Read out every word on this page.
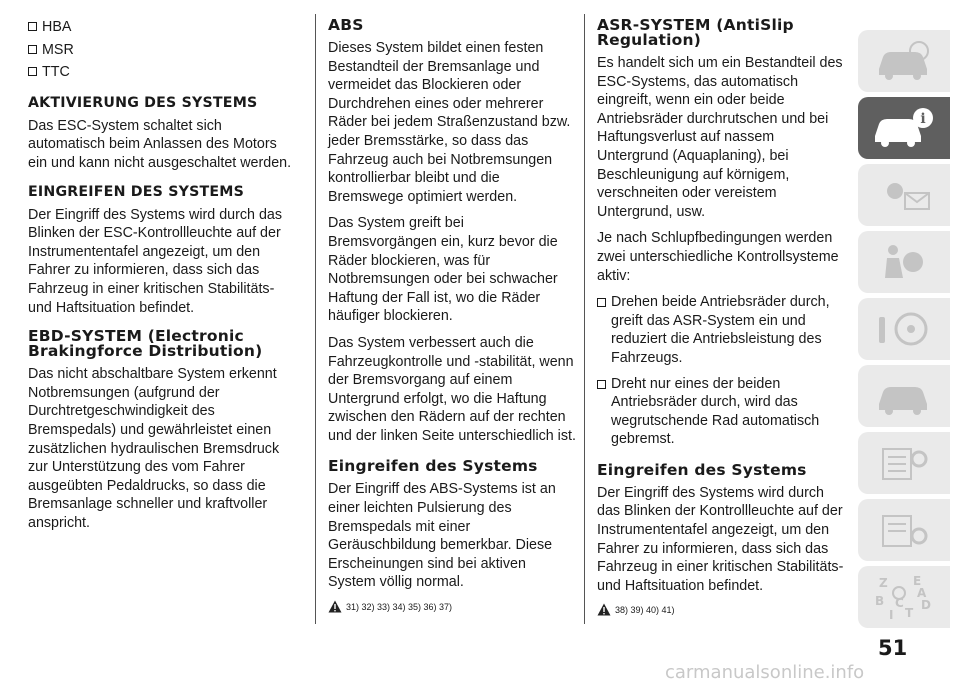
HBA
MSR
TTC
AKTIVIERUNG DES SYSTEMS

Das ESC-System schaltet sich automatisch beim Anlassen des Motors ein und kann nicht ausgeschaltet werden.

EINGREIFEN DES SYSTEMS

Der Eingriff des Systems wird durch das Blinken der ESC-Kontrollleuchte auf der Instrumententafel angezeigt, um den Fahrer zu informieren, dass sich das Fahrzeug in einer kritischen Stabilitäts- und Haftsituation befindet.

EBD-SYSTEM (Electronic Brakingforce Distribution)

Das nicht abschaltbare System erkennt Notbremsungen (aufgrund der Durchtretgeschwindigkeit des Bremspedals) und gewährleistet einen zusätzlichen hydraulischen Bremsdruck zur Unterstützung des vom Fahrer ausgeübten Pedaldrucks, so dass die Bremsanlage schneller und kraftvoller anspricht.

ABS

Dieses System bildet einen festen Bestandteil der Bremsanlage und vermeidet das Blockieren oder Durchdrehen eines oder mehrerer Räder bei jedem Straßenzustand bzw. jeder Bremsstärke, so dass das Fahrzeug auch bei Notbremsungen kontrollierbar bleibt und die Bremswege optimiert werden.

Das System greift bei Bremsvorgängen ein, kurz bevor die Räder blockieren, was für Notbremsungen oder bei schwacher Haftung der Fall ist, wo die Räder häufiger blockieren.

Das System verbessert auch die Fahrzeugkontrolle und -stabilität, wenn der Bremsvorgang auf einem Untergrund erfolgt, wo die Haftung zwischen den Rädern auf der rechten und der linken Seite unterschiedlich ist.

Eingreifen des Systems

Der Eingriff des ABS-Systems ist an einer leichten Pulsierung des Bremspedals mit einer Geräuschbildung bemerkbar. Diese Erscheinungen sind bei aktiven System völlig normal.

31) 32) 33) 34) 35) 36) 37)
ASR-SYSTEM (AntiSlip Regulation)

Es handelt sich um ein Bestandteil des ESC-Systems, das automatisch eingreift, wenn ein oder beide Antriebsräder durchrutschen und bei Haftungsverlust auf nassem Untergrund (Aquaplaning), bei Beschleunigung auf körnigem, verschneiten oder vereistem Untergrund, usw.

Je nach Schlupfbedingungen werden zwei unterschiedliche Kontrollsysteme aktiv:

Drehen beide Antriebsräder durch, greift das ASR-System ein und reduziert die Antriebsleistung des Fahrzeugs.
Dreht nur eines der beiden Antriebsräder durch, wird das wegrutschende Rad automatisch gebremst.
Eingreifen des Systems

Der Eingriff des Systems wird durch das Blinken der Kontrollleuchte auf der Instrumententafel angezeigt, um den Fahrer zu informieren, dass sich das Fahrzeug in einer kritischen Stabilitäts- und Haftsituation befindet.

38) 39) 40) 41)
i
Z E
B C
T
D
A
I
51
carmanualsonline.info
